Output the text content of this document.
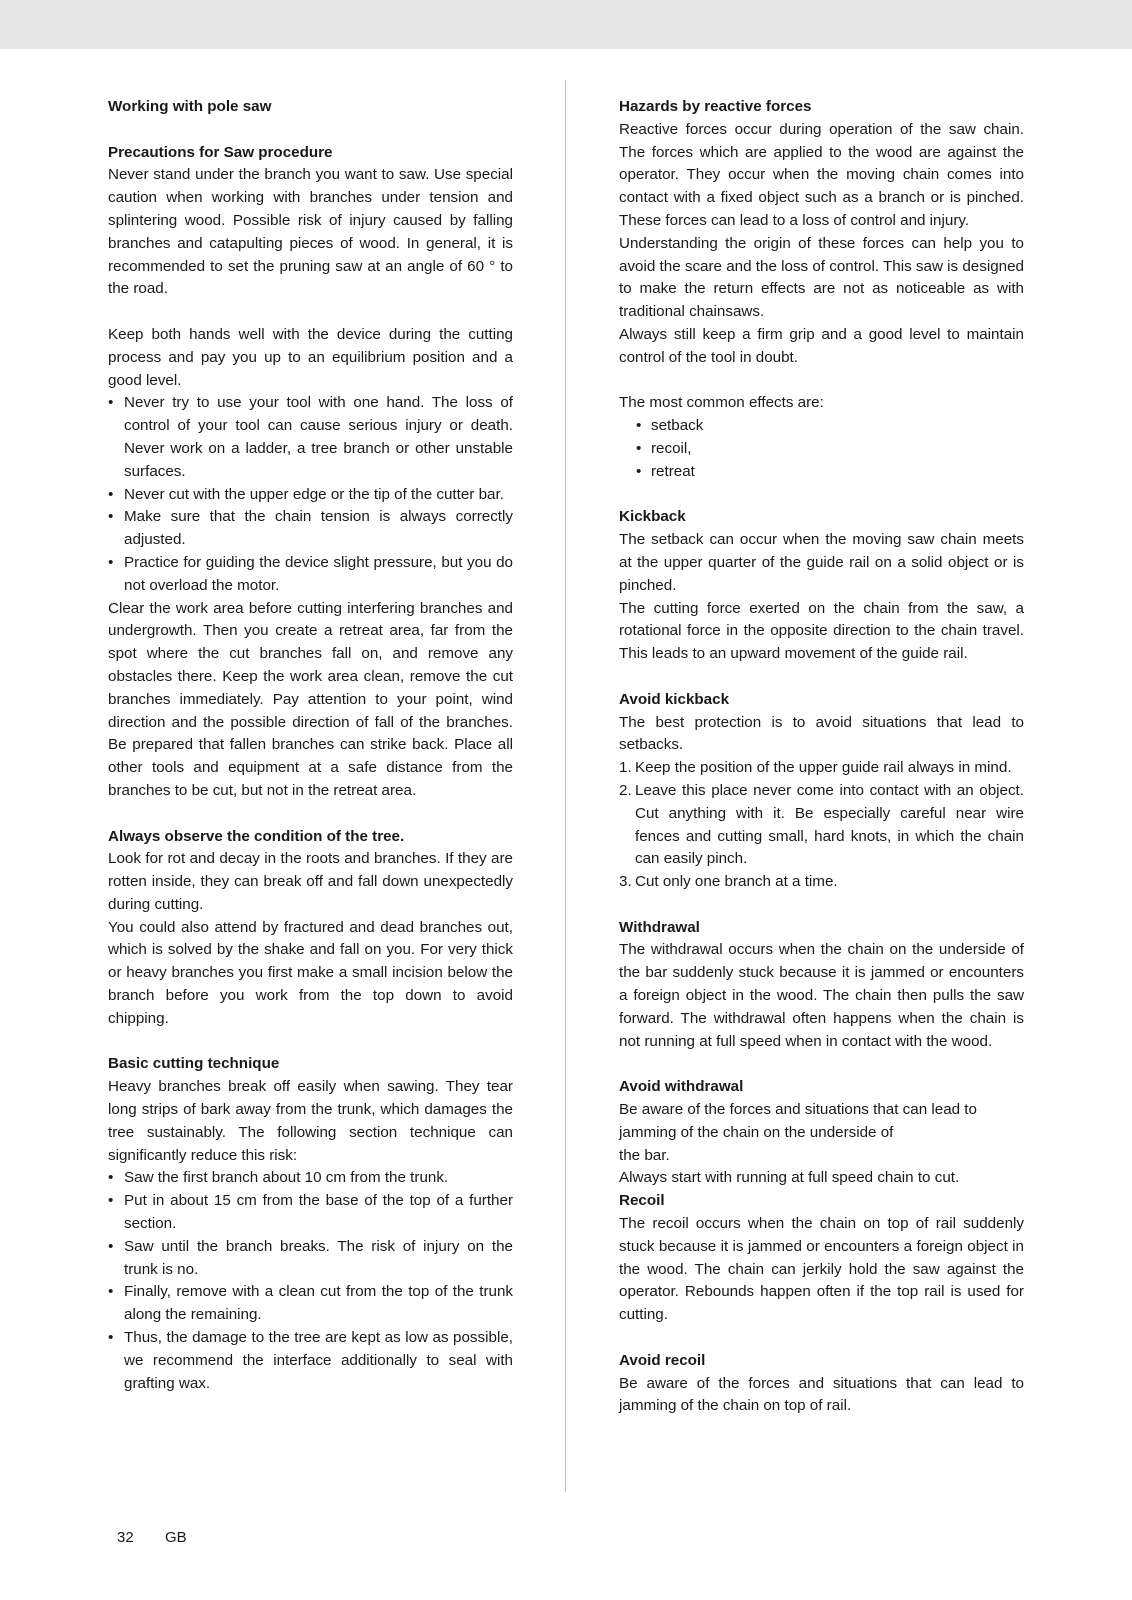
Working with pole saw
Precautions for Saw procedure

Never stand under the branch you want to saw. Use special caution when working with branches under tension and splintering wood. Possible risk of injury caused by falling branches and catapulting pieces of wood. In general, it is recommended to set the pruning saw at an angle of 60 ° to the road.

Keep both hands well with the device during the cutting process and pay you up to an equilibrium position and a good level.

• Never try to use your tool with one hand. The loss of control of your tool can cause serious injury or death. Never work on a ladder, a tree branch or other unstable surfaces.
• Never cut with the upper edge or the tip of the cutter bar.
• Make sure that the chain tension is always correctly adjusted.
• Practice for guiding the device slight pressure, but you do not overload the motor.

Clear the work area before cutting interfering branches and undergrowth. Then you create a retreat area, far from the spot where the cut branches fall on, and remove any obstacles there. Keep the work area clean, remove the cut branches immediately. Pay attention to your point, wind direction and the possible direction of fall of the branches. Be prepared that fallen branches can strike back. Place all other tools and equipment at a safe distance from the branches to be cut, but not in the retreat area.

Always observe the condition of the tree.

Look for rot and decay in the roots and branches. If they are rotten inside, they can break off and fall down unexpectedly during cutting.

You could also attend by fractured and dead branches out, which is solved by the shake and fall on you. For very thick or heavy branches you first make a small incision below the branch before you work from the top down to avoid chipping.

Basic cutting technique

Heavy branches break off easily when sawing. They tear long strips of bark away from the trunk, which damages the tree sustainably. The following section technique can significantly reduce this risk:

• Saw the first branch about 10 cm from the trunk.
• Put in about 15 cm from the base of the top of a further section.
• Saw until the branch breaks. The risk of injury on the trunk is no.
• Finally, remove with a clean cut from the top of the trunk along the remaining.
• Thus, the damage to the tree are kept as low as possible, we recommend the interface additionally to seal with grafting wax.
Hazards by reactive forces

Reactive forces occur during operation of the saw chain. The forces which are applied to the wood are against the operator. They occur when the moving chain comes into contact with a fixed object such as a branch or is pinched. These forces can lead to a loss of control and injury.

Understanding the origin of these forces can help you to avoid the scare and the loss of control. This saw is designed to make the return effects are not as noticeable as with traditional chainsaws.

Always still keep a firm grip and a good level to maintain control of the tool in doubt.

The most common effects are:

• setback
• recoil,
• retreat
Kickback

The setback can occur when the moving saw chain meets at the upper quarter of the guide rail on a solid object or is pinched.

The cutting force exerted on the chain from the saw, a rotational force in the opposite direction to the chain travel. This leads to an upward movement of the guide rail.

Avoid kickback

The best protection is to avoid situations that lead to setbacks.

1. Keep the position of the upper guide rail always in mind.
2. Leave this place never come into contact with an object. Cut anything with it. Be especially careful near wire fences and cutting small, hard knots, in which the chain can easily pinch.
3. Cut only one branch at a time.
Withdrawal

The withdrawal occurs when the chain on the underside of the bar suddenly stuck because it is jammed or encounters a foreign object in the wood. The chain then pulls the saw forward. The withdrawal often happens when the chain is not running at full speed when in contact with the wood.

Avoid withdrawal

Be aware of the forces and situations that can lead to jamming of the chain on the underside of

the bar.

Always start with running at full speed chain to cut.

Recoil

The recoil occurs when the chain on top of rail suddenly stuck because it is jammed or encounters a foreign object in the wood. The chain can jerkily hold the saw against the operator. Rebounds happen often if the top rail is used for cutting.

Avoid recoil

Be aware of the forces and situations that can lead to jamming of the chain on top of rail.

32 GB
